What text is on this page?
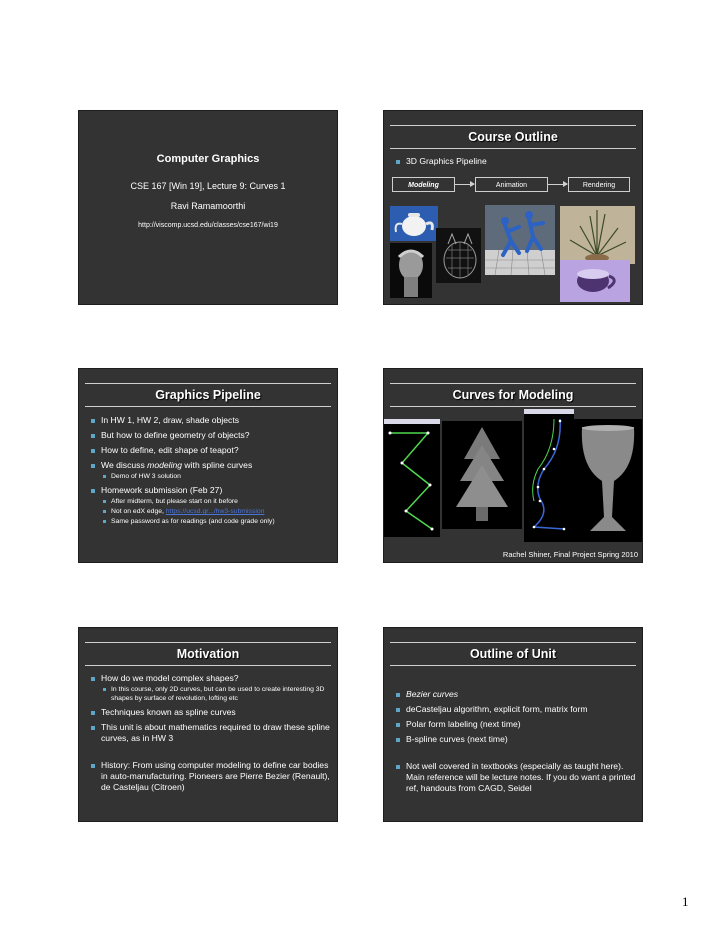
Computer Graphics
CSE 167 [Win 19], Lecture 9: Curves 1
Ravi Ramamoorthi
http://viscomp.ucsd.edu/classes/cse167/wi19
Course Outline
3D Graphics Pipeline
Modeling	Animation	Rendering
Graphics Pipeline
In HW 1, HW 2, draw, shade objects
But how to define geometry of objects?
How to define, edit shape of teapot?
We discuss modeling with spline curves
Demo of HW 3 solution
Homework submission (Feb 27)
After midterm, but please start on it before
Not on edX edge, https://ucsd.gr.../hw3-submission
Same password as for readings (and code grade only)
Curves for Modeling
Rachel Shiner, Final Project Spring 2010
Motivation
How do we model complex shapes?
In this course, only 2D curves, but can be used to create interesting 3D shapes by surface of revolution, lofting etc
Techniques known as spline curves
This unit is about mathematics required to draw these spline curves, as in HW 3
History: From using computer modeling to define car bodies in auto-manufacturing. Pioneers are Pierre Bezier (Renault), de Casteljau (Citroen)
Outline of Unit
Bezier curves
deCasteljau algorithm, explicit form, matrix form
Polar form labeling (next time)
B-spline curves (next time)
Not well covered in textbooks (especially as taught here). Main reference will be lecture notes. If you do want a printed ref, handouts from CAGD, Seidel
1
